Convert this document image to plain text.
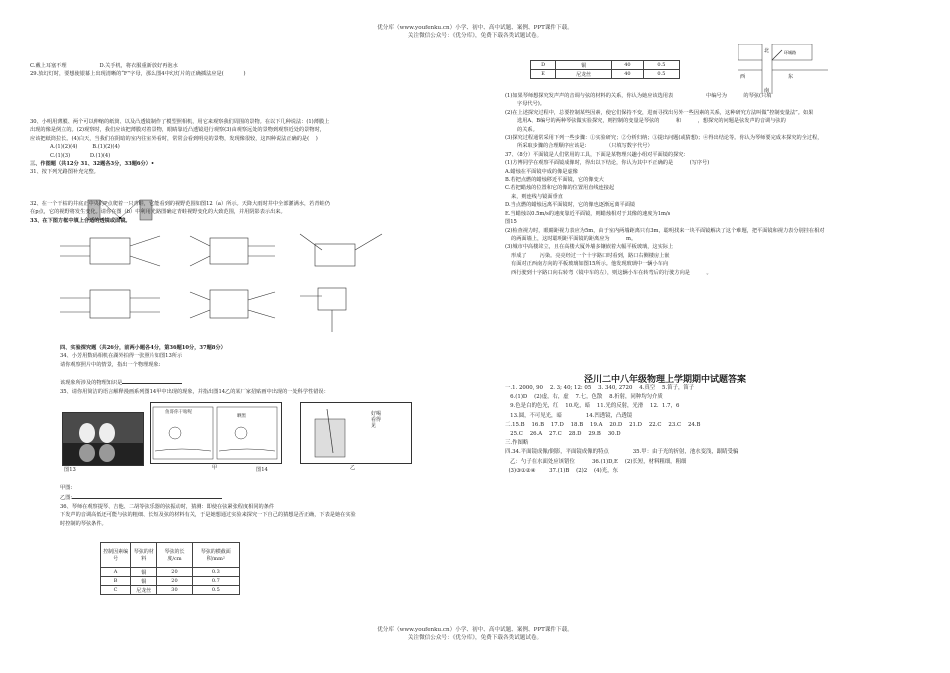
优分库（www.youfenku.cn）小学、初中、高中试题、案例、PPT课件下载。
关注微信公众号：《优分库》，免费下载各类试题试卷。

C.戴上耳塞不理                    D.关手机，将衣服重新放好再泡水

29.放幻灯时，要想使银幕上出现清晰的“F”字母，那么图4中幻灯片的正确插法应是(            )

30、小明用薄膜、两个可以伸缩的纸筒、以及凸透镜制作了模型照相机，用它来观察我们周围的景物。在以下几种说法：(1)薄膜上

出现的像是倒立的。(2)观察时，我们应该把薄膜对着景物，眼睛靠近凸透镜进行观察(3)由观察远处的景物到观察近处的景物时，

应该把纸筒拉长。(4)白天，当我们在阴暗的室内往室外看时，常常会看到明亮的景物，发现像很较，这四种说法正确的是(    )

A.(1)(2)(4)         B.(1)(2)(4)

C.(1)(3)            D.(1)(4)

三、作图题（共12分 31、32题各3分，33题6分）•

31、按下列光路图补充完整。

32、在一个干枯的井底正中央的P点爬着一只青蛙，它能看到的视野范围如图12（a）所示。天降大雨时井中全部灌满水，若青蛙仍

在p点，它的视野将发生变化。请你在图（b）中利用光路图确定青蛙视野变化的大致范围，并用阴影表示出来。

33、在下图方框中填上合适的透镜或面镜。

四、实验探究题（共26分，前两小题各4分，第36题10分，37题8分）

34、小芳用数码相机在湖外拍得一张照片如图13所示

请你观察照片中的情景，指出一个物理现象:

该现象所涉及的物理知识是

35、请你用简洁的语言解释漫画系列图14甲中出现的现象，并指出图14乙的某厂家招贴画中出现的一处科学性错误：

图13
鱼哥你干啥呢
晒黑
甲	图14
好喝看得见
乙

甲图:

乙图:

36、琴师在观察提琴、吉他、二胡等弦乐器的弦振动时，猜测：即使在弦紧张程度相同的条件

下发声的音调高低还可能与弦的粗细、长短及弦的材料有关，于是她想通过实验来探究一下自己的猜想是否正确，下表是她在实验

时控制的琴弦条件。

控制因素编号	琴弦的材料	琴弦的长度/cm	琴弦的横截面积/mm²
A	铜	20	0.3
B	铜	20	0.7
C	尼龙丝	30	0.5
D	铜	40	0.5
E	尼龙丝	40	0.5
北	环城路
西	东
南

(1)如果琴师想探究发声声的音调与弦的材料的关系，你认为她应该选用表                    中编号为          的琴弦(只填

字母代号)。

(2)在上述探究过程中，总要控制某些因素，使它们保持不变，进而寻找出另外一些因素的关系，这种研究方法叫做“控制变量法”。如果

选用A、B编号的两种琴弦做实验探究，则控制的变量是琴弦的          和          ，想探究的问题是弦发声的音调与弦的

的关系。

(3)探究过程通常采用下列一些步骤：①实验研究；②分析归纳；③提出问题(或猜想)；④得出结论等。你认为琴师要完成本探究的全过程，

所采取步骤的合理顺序应该是:            （只填写数字代号）

37、（8分）平面镜是人们常用的工具，下面是某物理兴趣小组对平面镜的探究：

(1)方博同学在观察平面镜成像时，得出以下结论，你认为其中不正确的是          (写序号)

A.蜡烛在平面镜中成的像是虚像

B.若把点燃的蜡烛移近平面镜，它的像变大

C.若把蜡烛的位置和它的像的位置用直线连接起

来，则连线与镜面垂直

D.当点燃的蜡烛远离平面镜时，它的像也逐渐远离平面镜

E.当蜡烛以0.5m/s的速度靠近平面镜，则蜡烛相对于其像的速度为1m/s

图15

(2)检查视力时，眼睛距视力表应为5m，由于室内两墙距离只有3m，聪明找来一块平面镜解决了这个难题，把平面镜和视力表分别挂在相对

的两面墙上，这时聪明距平面镜的距离应为          m。

(3)城市中高楼耸立，且在高楼大厦外墙多镶嵌着大幅平板玻璃，这实际上

形成了        污染。亮亮经过一个十字路口时看到，路口右侧楼房上嵌

有面对正西南方向的平板玻璃如图15所示。他发现玻璃中一辆小车向

西行驶到十字路口向右转弯（镜中车的左），则这辆小车在转弯后的行驶方向是          。

泾川二中八年级物理上学期期中试题答案

一.1. 2000, 90    2. 3; 40; 12: 05    3. 340, 2720    4.真空    5.笛子，笛子

6.(1)D    (2)虚，右，虚    7.七，色散    8.折射，同种均匀介质

9.色是白的色光，红    10.吃，暗    11.光的反射，光滑    12.  1.7，6

13.圆，不可见光，暗              14.凹透镜，凸透镜

二.15.B    16.B    17.D    18.B    19.A    20.D    21.D    22.C    23.C    24.B

25.C    26.A    27.C    28.D    29.B    30.D

三.作图略

四.34.平面镜成像/倒影，平面镜成像的特点              35.甲：由于光的折射，池水变浅，跟睛受骗

乙：勺子在水面处应该错位          36.(1)D,E    (2)长短，材料粗细，粗细

(3)③①②④        37.(1)B    (2)2    (4)光，东

优分库（www.youfenku.cn）小学、初中、高中试题、案例、PPT课件下载。
关注微信公众号：《优分库》，免费下载各类试题试卷。
